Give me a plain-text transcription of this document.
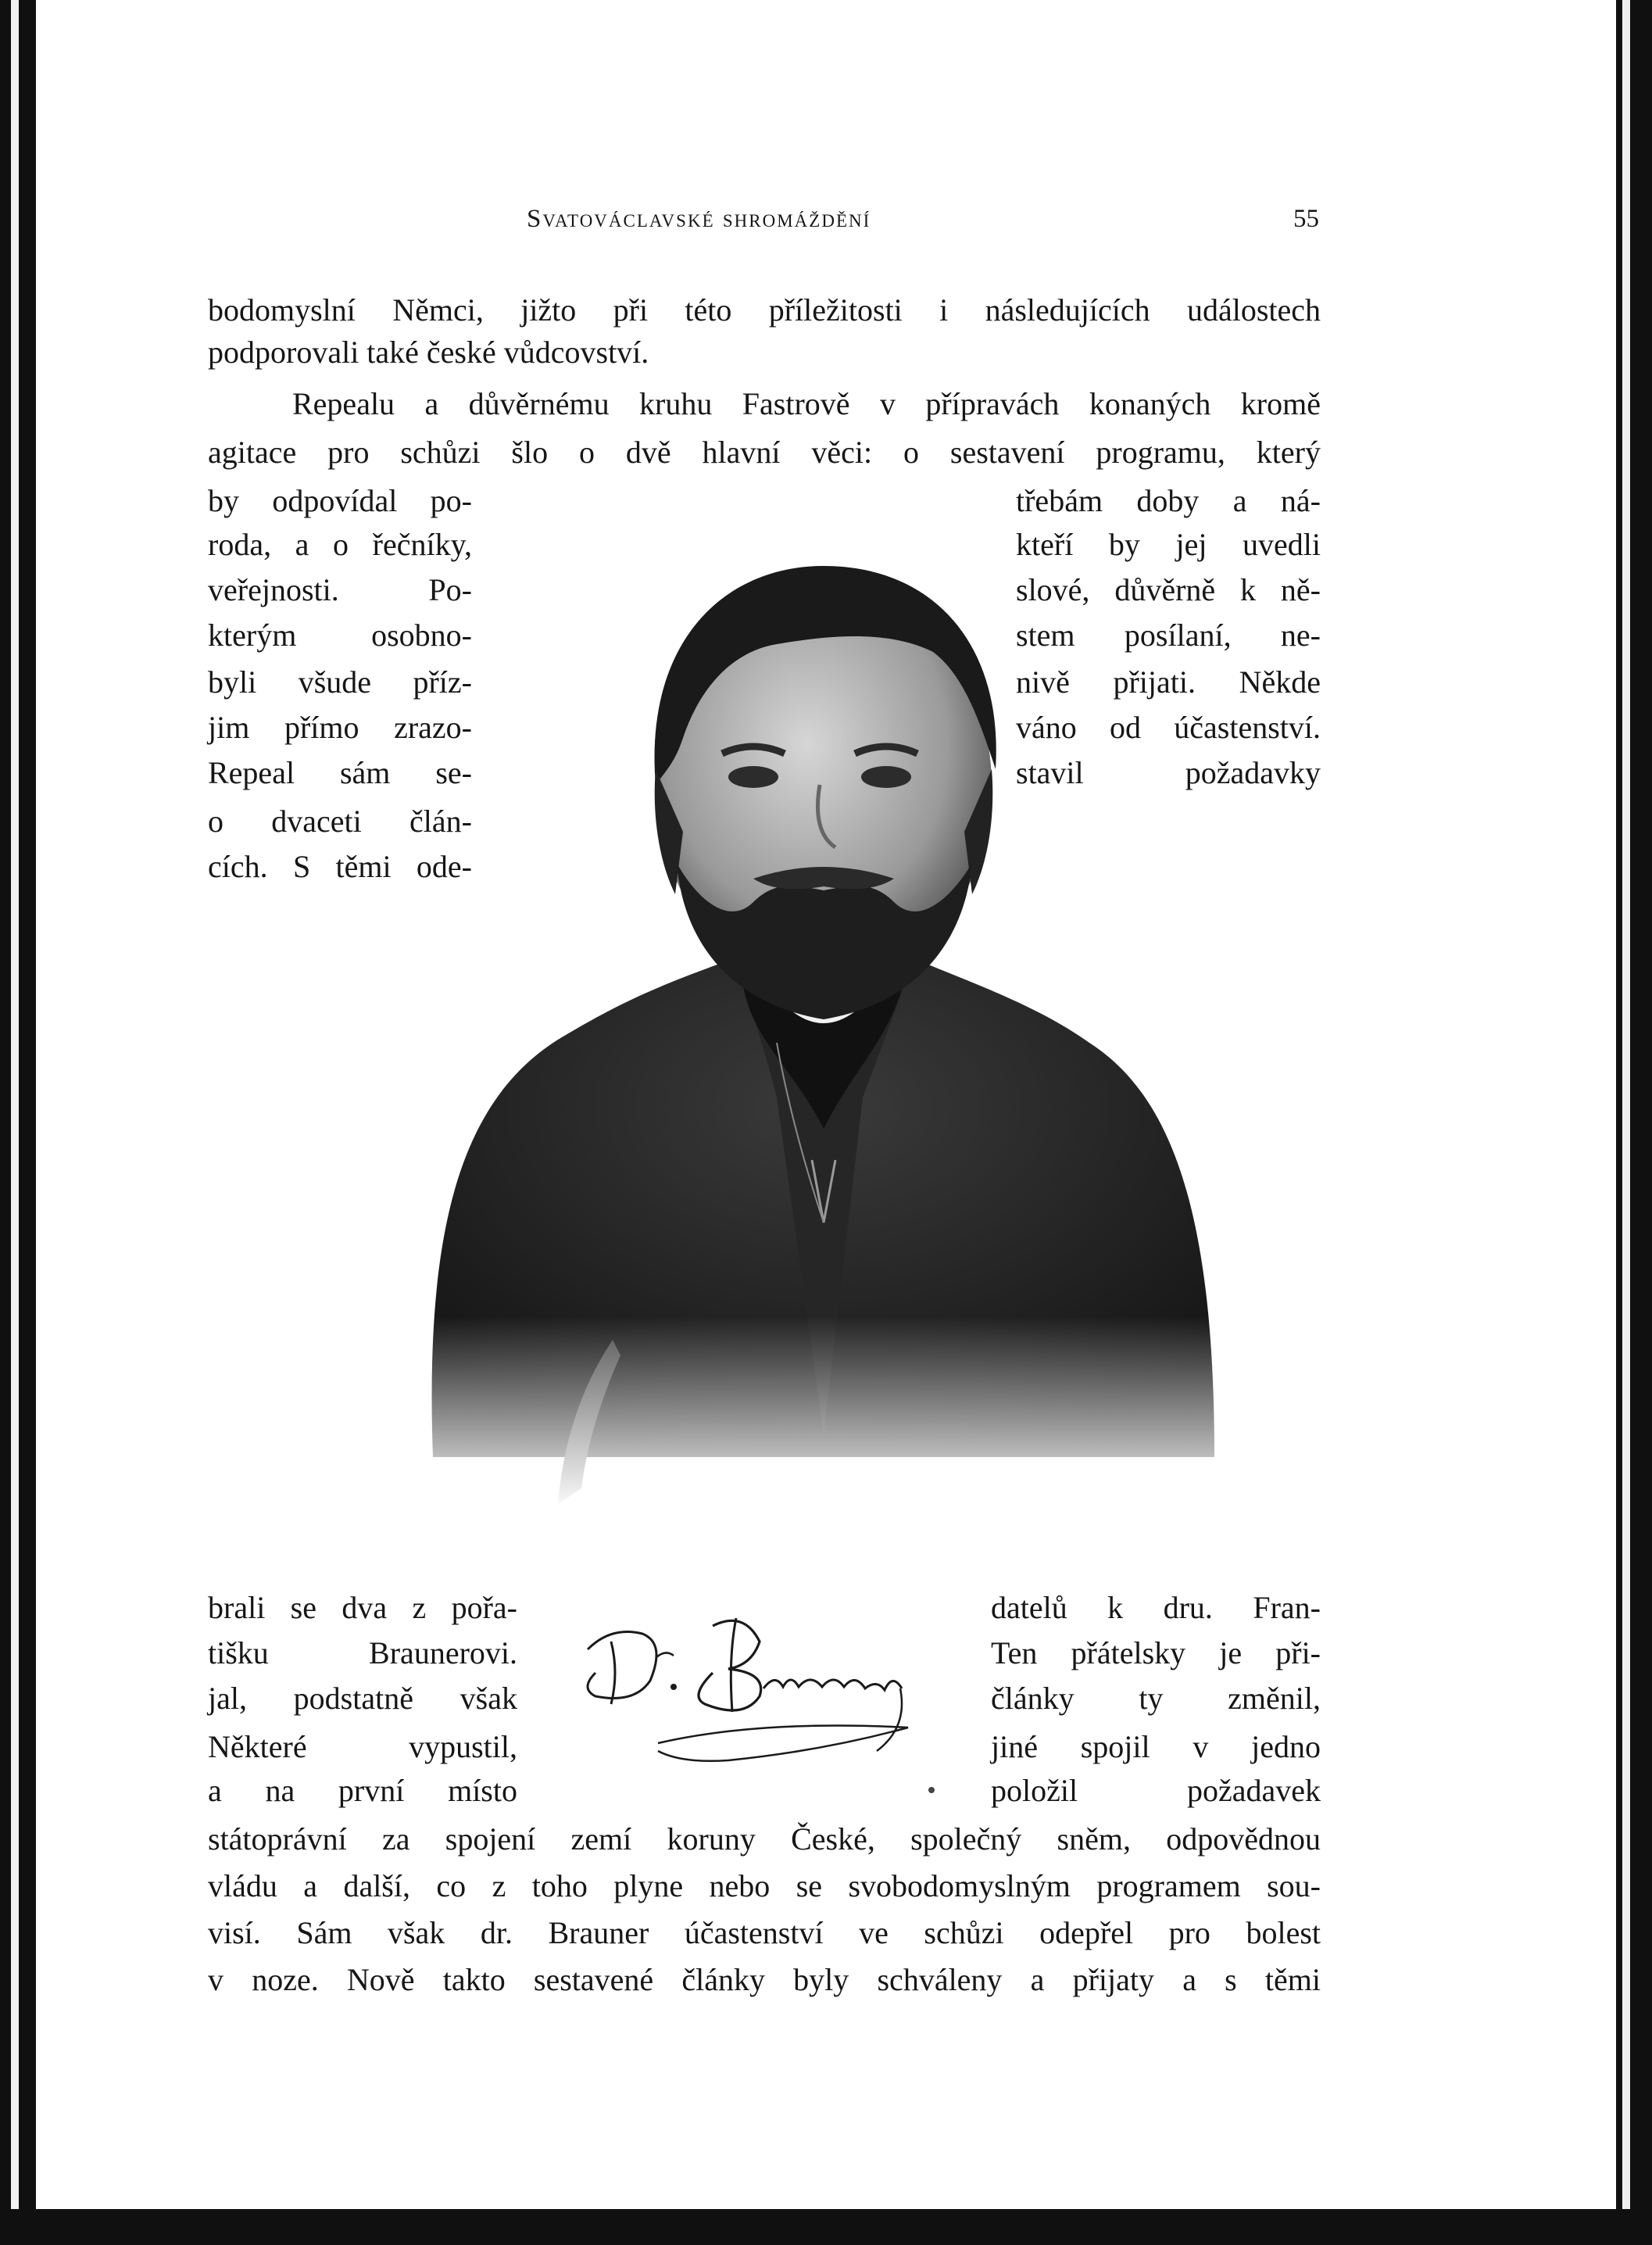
Svatováclavské shromáždění	55
bodomyslní Němci, jižto při této příležitosti i následujících událostech
podporovali také české vůdcovství.
Repealu a důvěrnému kruhu Fastrově v přípravách konaných kromě
agitace pro schůzi šlo o dvě hlavní věci: o sestavení programu, který
by odpovídal po-
roda, a o řečníky,
veřejnosti. Po-
kterým osobno-
byli všude příz-
jim přímo zrazo-
Repeal sám se-
o dvaceti člán-
cích. S těmi ode-
třebám doby a ná-
kteří by jej uvedli
slové, důvěrně k ně-
stem posílaní, ne-
nivě přijati. Někde
váno od účastenství.
stavil požadavky
brali se dva z pořa-
tišku Braunerovi.
jal, podstatně však
Některé vypustil,
a na první místo
datelů k dru. Fran-
Ten přátelsky je při-
články ty změnil,
jiné spojil v jedno
položil požadavek
státoprávní za spojení zemí koruny České, společný sněm, odpovědnou
vládu a další, co z toho plyne nebo se svobodomyslným programem sou-
visí. Sám však dr. Brauner účastenství ve schůzi odepřel pro bolest
v noze. Nově takto sestavené články byly schváleny a přijaty a s těmi
